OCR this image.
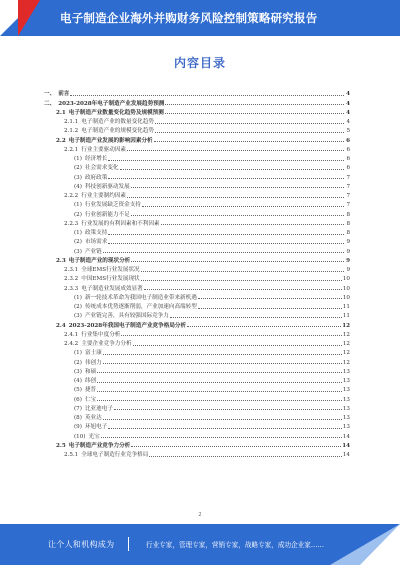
电子制造企业海外并购财务风险控制策略研究报告
内容目录
一、 前言	4
二、 2023-2028年电子制造产业发展趋势预测	4
2.1 电子制造产业数量变化趋势及规模预测	4
2.1.1 电子制造产业的数量变化趋势	4
2.1.2 电子制造产业的规模变化趋势	5
2.2 电子制造产业发展的影响因素分析	6
2.2.1 行业主要驱动因素	6
(1) 经济增长	6
(2) 社会需求变化	6
(3) 政府政策	7
(4) 科技创新驱动发展	7
2.2.2 行业主要制约因素	7
(1) 行业发展缺乏资金支持	7
(2) 行业创新能力不足	8
2.2.3 行业发展的有利因素和不利因素	8
(1) 政策支持	8
(2) 市场需求	9
(3) 产业链	9
2.3 电子制造产业的现状分析	9
2.3.1 全球EMS行业发展状况	9
2.3.2 中国EMS行业发展现状	10
2.3.3 电子制造业发展成效显著	10
(1) 新一轮技术革命为我国电子制造业带来新机遇	10
(2) 传统成本优势逐渐削弱，产业加速向高端转型	11
(3) 产业链完善，具有较强国际竞争力	11
2.4 2023-2028年我国电子制造产业竞争格局分析	12
2.4.1 行业集中度分析	12
2.4.2 主要企业竞争力分析	12
(1) 富士康	12
(2) 伟创力	12
(3) 和硕	13
(4) 纬创	13
(5) 捷普	13
(6) 仁宝	13
(7) 比亚迪电子	13
(8) 英业达	13
(9) 环旭电子	13
(10) 光宝	14
2.5 电子制造产业竞争力分析	14
2.5.1 全球电子制造行业竞争格局	14
2
让个人和机构成为	行业专家，管理专家，营销专家，战略专家，成功企业家……
